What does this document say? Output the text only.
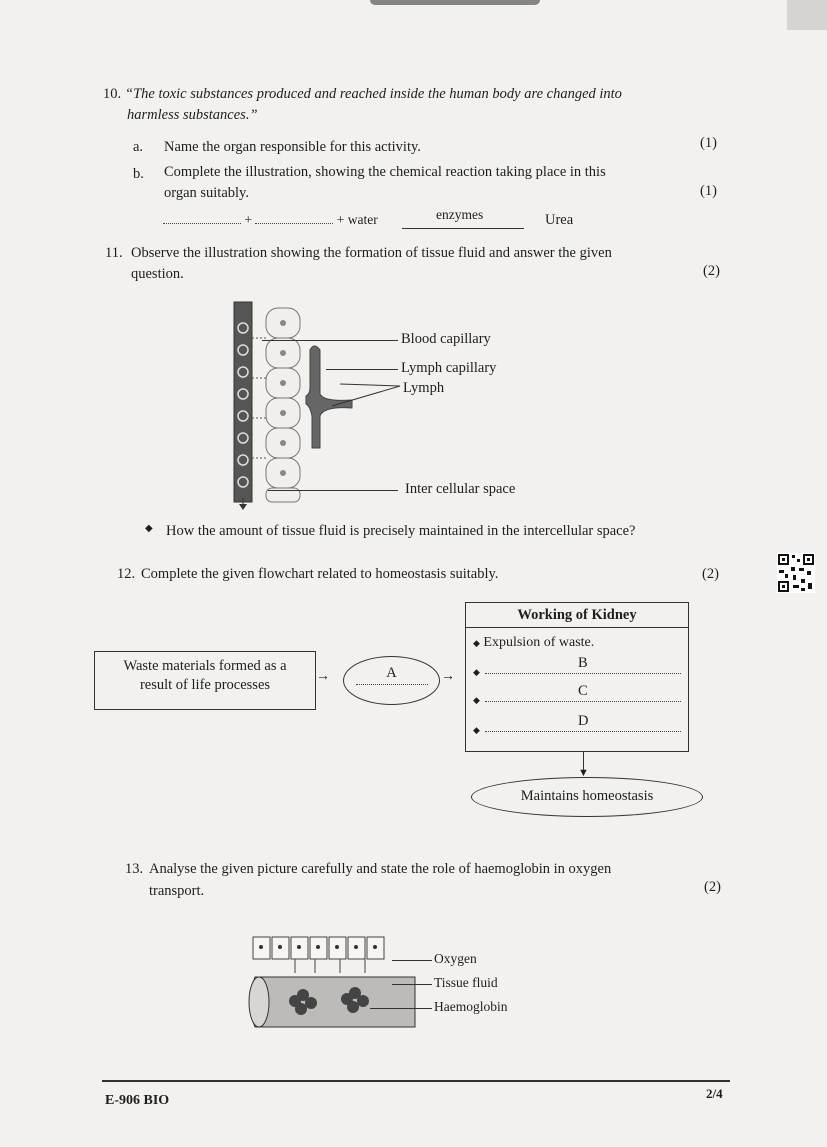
10. “The toxic substances produced and reached inside the human body are changed into
harmless substances.”
a. Name the organ responsible for this activity.	(1)
b. Complete the illustration, showing the chemical reaction taking place in this
organ suitably.	(1)
+	+ water	enzymes	Urea
11. Observe the illustration showing the formation of tissue fluid and answer the given
question.	(2)
Blood capillary
Lymph capillary
Lymph
Inter cellular space
◆ How the amount of tissue fluid is precisely maintained in the intercellular space?
12. Complete the given flowchart related to homeostasis suitably.	(2)
Waste materials formed as a
result of life processes
→	A	→
Working of Kidney
◆ Expulsion of waste.
◆
B
◆
C
◆
D
▼
Maintains homeostasis
13. Analyse the given picture carefully and state the role of haemoglobin in oxygen
transport.	(2)
Oxygen
Tissue fluid
Haemoglobin
E-906 BIO	2/4
